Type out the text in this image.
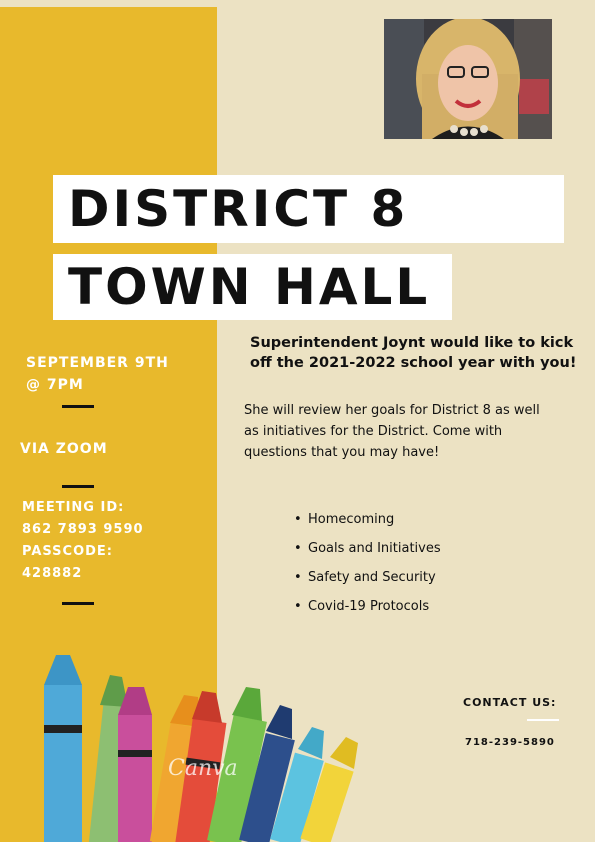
DISTRICT 8
TOWN HALL
SEPTEMBER 9TH
@ 7PM
VIA ZOOM
MEETING ID:
862 7893 9590
PASSCODE:
428882
Superintendent Joynt would like to kick off the 2021-2022 school year with you!
She will review her goals for District 8 as well as initiatives for the District. Come with questions that you may have!
• Homecoming
• Goals and Initiatives
• Safety and Security
• Covid-19 Protocols
CONTACT US:
718-239-5890
Canva
